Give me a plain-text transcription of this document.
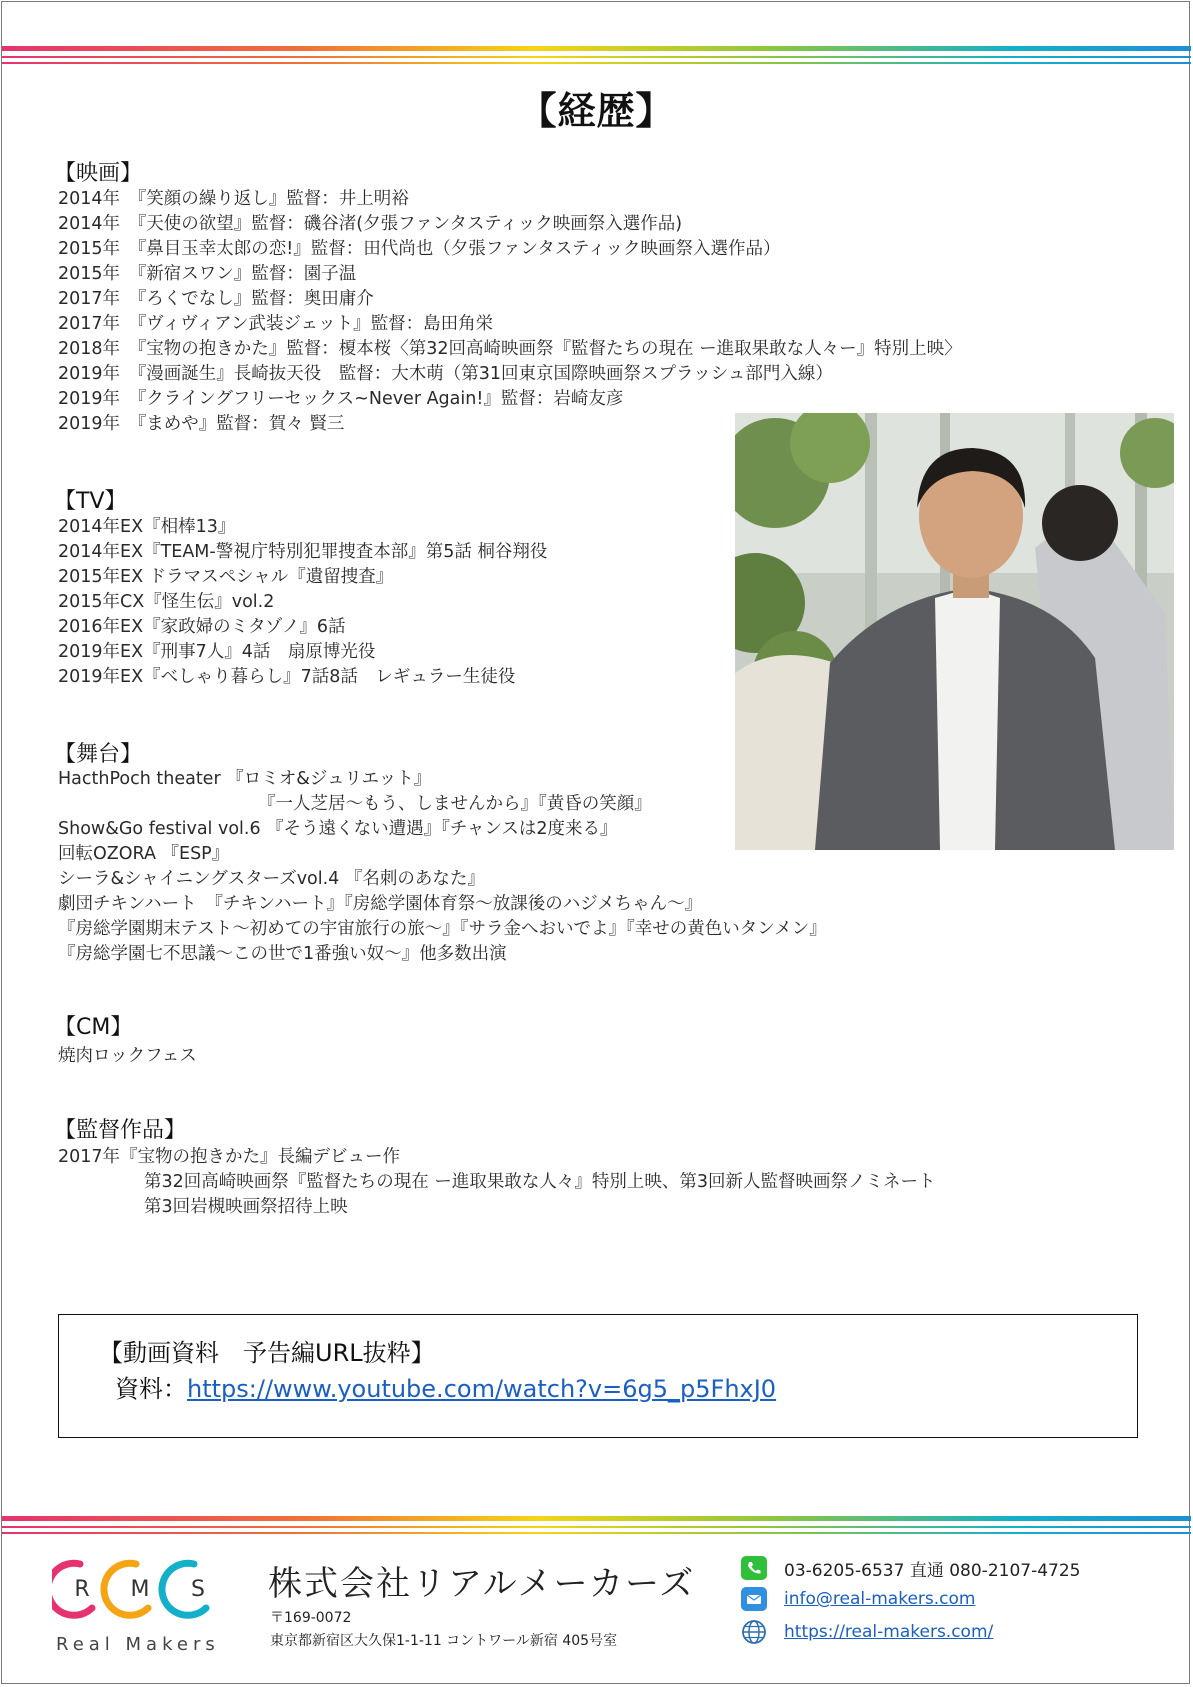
【経歴】
【映画】
2014年　『笑顔の繰り返し』監督：井上明裕
2014年　『天使の欲望』監督：磯谷渚(夕張ファンタスティック映画祭入選作品)
2015年　『鼻目玉幸太郎の恋!』監督：田代尚也（夕張ファンタスティック映画祭入選作品）
2015年　『新宿スワン』監督：園子温
2017年　『ろくでなし』監督：奥田庸介
2017年　『ヴィヴィアン武装ジェット』監督：島田角栄
2018年　『宝物の抱きかた』監督：榎本桜〈第32回高崎映画祭『監督たちの現在 ー進取果敢な人々ー』特別上映〉
2019年　『漫画誕生』長崎抜天役　監督：大木萌（第31回東京国際映画祭スプラッシュ部門入線）
2019年　『クライングフリーセックス~Never Again!』監督：岩崎友彦
2019年　『まめや』監督：賀々 賢三
【TV】
2014年EX『相棒13』
2014年EX『TEAM-警視庁特別犯罪捜査本部』第5話 桐谷翔役
2015年EX ドラマスペシャル『遺留捜査』
2015年CX『怪生伝』vol.2
2016年EX『家政婦のミタゾノ』6話
2019年EX『刑事7人』4話　扇原博光役
2019年EX『べしゃり暮らし』7話8話　レギュラー生徒役
【舞台】
HacthPoch theater 『ロミオ&ジュリエット』
『一人芝居～もう、しませんから』『黄昏の笑顔』
Show&Go festival vol.6 『そう遠くない遭遇』『チャンスは2度来る』
回転OZORA 『ESP』
シーラ&シャイニングスターズvol.4 『名刺のあなた』
劇団チキンハート　『チキンハート』『房総学園体育祭～放課後のハジメちゃん～』
『房総学園期末テスト～初めての宇宙旅行の旅～』『サラ金へおいでよ』『幸せの黄色いタンメン』
『房総学園七不思議～この世で1番強い奴～』他多数出演
【CM】
焼肉ロックフェス
【監督作品】
2017年『宝物の抱きかた』長編デビュー作
第32回高崎映画祭『監督たちの現在 ー進取果敢な人々』特別上映、第3回新人監督映画祭ノミネート
第3回岩槻映画祭招待上映
【動画資料　予告編URL抜粋】
資料：https://www.youtube.com/watch?v=6g5_p5FhxJ0
R M S
Real Makers
株式会社リアルメーカーズ
〒169-0072
東京都新宿区大久保1-1-11 コントワール新宿 405号室
03-6205-6537 直通 080-2107-4725
info@real-makers.com
https://real-makers.com/
